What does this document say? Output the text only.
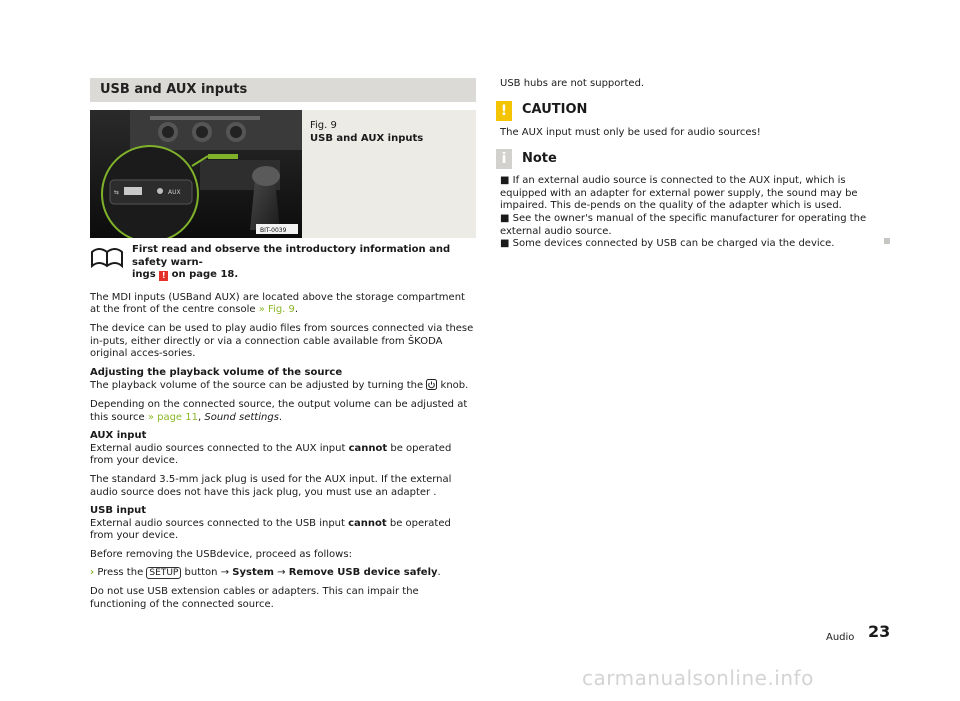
USB and AUX inputs
⇆	AUX
BIT-0039
Fig. 9
USB and AUX inputs
First read and observe the introductory information and safety warn-
ings ! on page 18.

The MDI inputs (USBand AUX) are located above the storage compartment at the front of the centre console » Fig. 9.

The device can be used to play audio files from sources connected via these in-puts, either directly or via a connection cable available from ŠKODA original acces-sories.

Adjusting the playback volume of the source
The playback volume of the source can be adjusted by turning the knob.

Depending on the connected source, the output volume can be adjusted at this source » page 11, Sound settings.

AUX input
External audio sources connected to the AUX input cannot be operated from your device.

The standard 3.5-mm jack plug is used for the AUX input. If the external audio source does not have this jack plug, you must use an adapter .

USB input
External audio sources connected to the USB input cannot be operated from your device.

Before removing the USBdevice, proceed as follows:

› Press the SETUP button → System → Remove USB device safely.

Do not use USB extension cables or adapters. This can impair the functioning of the connected source.

USB hubs are not supported.

!	CAUTION

The AUX input must only be used for audio sources!

i	Note
■ If an external audio source is connected to the AUX input, which is equipped with an adapter for external power supply, the sound may be impaired. This de-pends on the quality of the adapter which is used.
■ See the owner's manual of the specific manufacturer for operating the external audio source.
■ Some devices connected by USB can be charged via the device.
Audio 23
carmanualsonline.info
